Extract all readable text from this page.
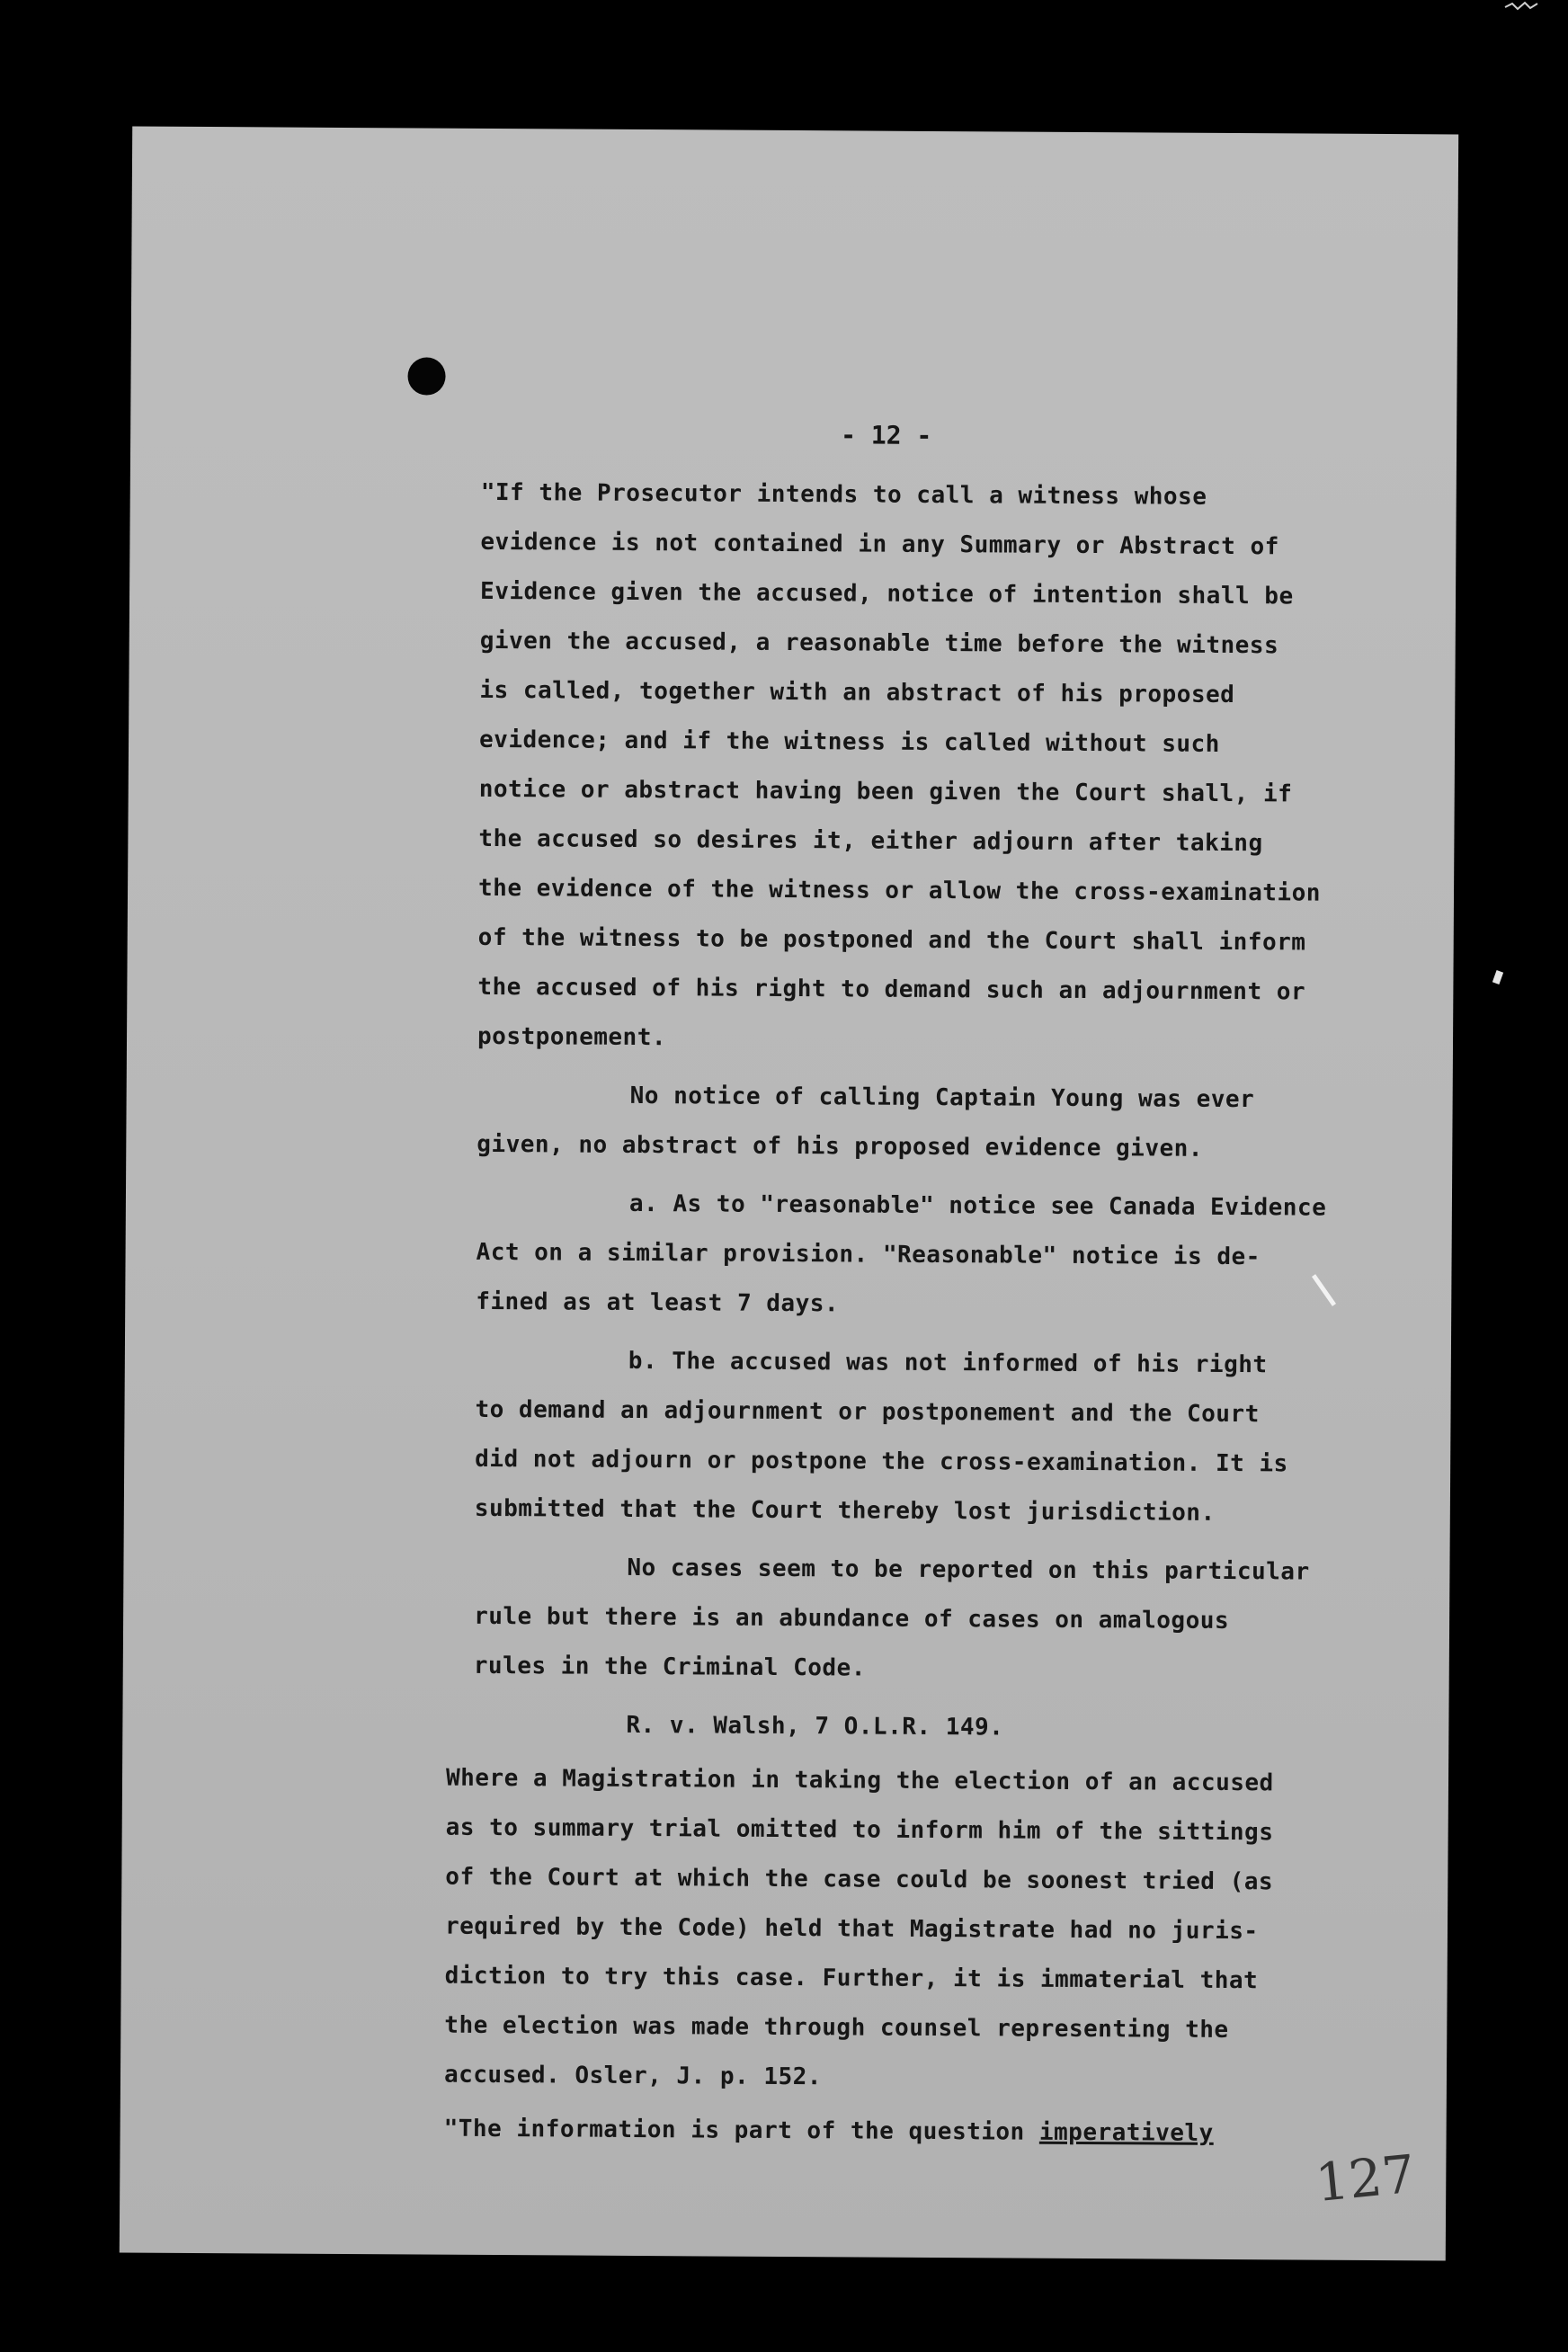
- 12 -
"If the Prosecutor intends to call a witness whose
evidence is not contained in any Summary or Abstract of
Evidence given the accused, notice of intention shall be
given the accused, a reasonable time before the witness
is called, together with an abstract of his proposed
evidence; and if the witness is called without such
notice or abstract having been given the Court shall, if
the accused so desires it, either adjourn after taking
the evidence of the witness or allow the cross-examination
of the witness to be postponed and the Court shall inform
the accused of his right to demand such an adjournment or
postponement.
No notice of calling Captain Young was ever
given, no abstract of his proposed evidence given.
a. As to "reasonable" notice see Canada Evidence
Act on a similar provision. "Reasonable" notice is de-
fined as at least 7 days.
b. The accused was not informed of his right
to demand an adjournment or postponement and the Court
did not adjourn or postpone the cross-examination. It is
submitted that the Court thereby lost jurisdiction.
No cases seem to be reported on this particular
rule but there is an abundance of cases on amalogous
rules in the Criminal Code.
R. v. Walsh, 7 O.L.R. 149.
Where a Magistration in taking the election of an accused
as to summary trial omitted to inform him of the sittings
of the Court at which the case could be soonest tried (as
required by the Code) held that Magistrate had no juris-
diction to try this case. Further, it is immaterial that
the election was made through counsel representing the
accused. Osler, J. p. 152.
"The information is part of the question imperatively
127
